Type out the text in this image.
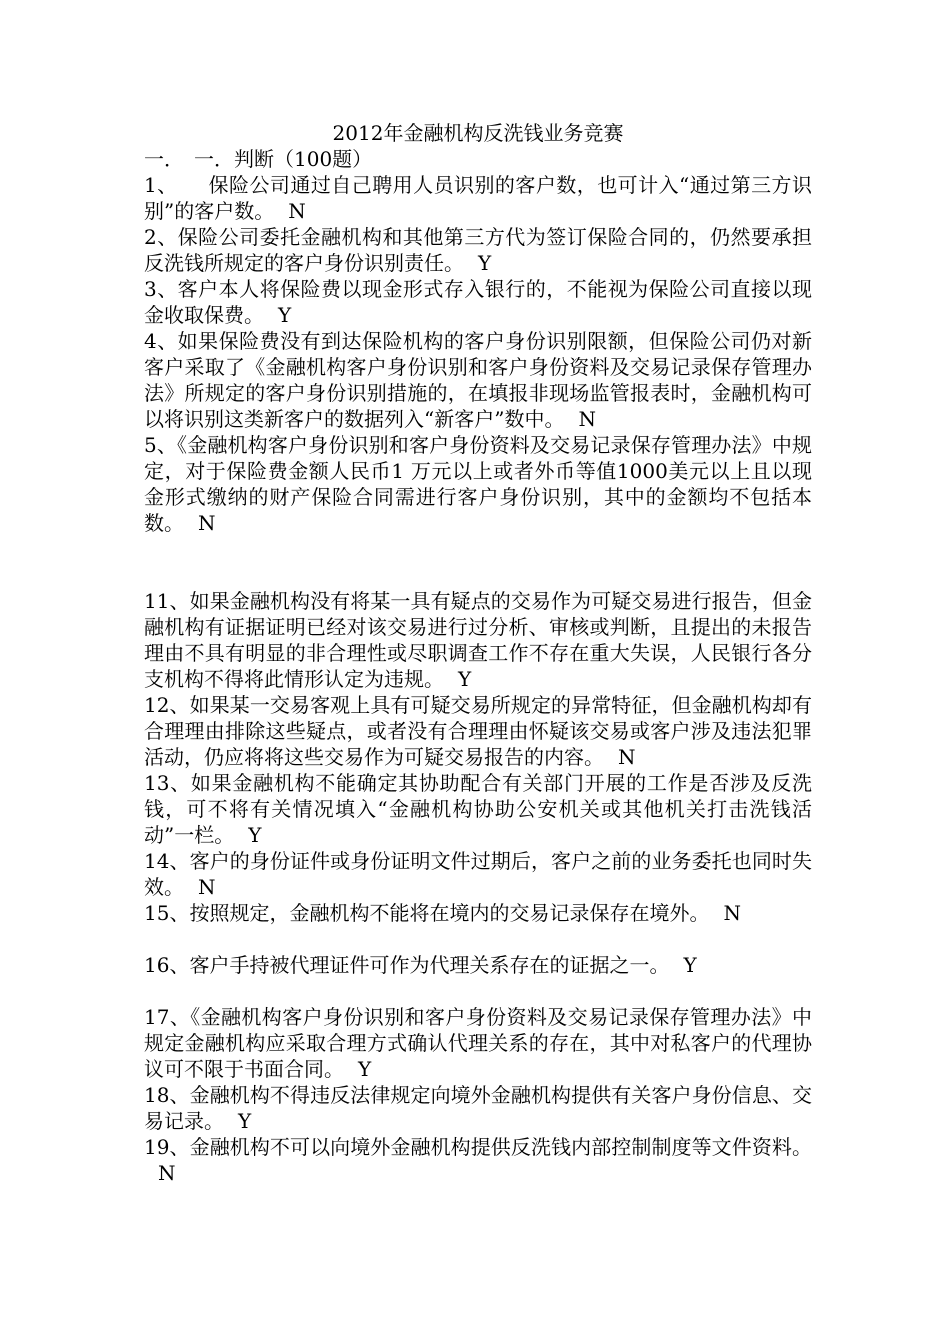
2012年金融机构反洗钱业务竞赛

一．　一．判断（100题）

1、　　保险公司通过自己聘用人员识别的客户数，也可计入“通过第三方识别”的客户数。 N

2、保险公司委托金融机构和其他第三方代为签订保险合同的，仍然要承担反洗钱所规定的客户身份识别责任。 Y

3、客户本人将保险费以现金形式存入银行的，不能视为保险公司直接以现金收取保费。 Y

4、如果保险费没有到达保险机构的客户身份识别限额，但保险公司仍对新客户采取了《金融机构客户身份识别和客户身份资料及交易记录保存管理办法》所规定的客户身份识别措施的，在填报非现场监管报表时，金融机构可以将识别这类新客户的数据列入“新客户”数中。 N

5、《金融机构客户身份识别和客户身份资料及交易记录保存管理办法》中规定，对于保险费金额人民币1 万元以上或者外币等值1000美元以上且以现金形式缴纳的财产保险合同需进行客户身份识别，其中的金额均不包括本数。 N

11、如果金融机构没有将某一具有疑点的交易作为可疑交易进行报告，但金融机构有证据证明已经对该交易进行过分析、审核或判断，且提出的未报告理由不具有明显的非合理性或尽职调查工作不存在重大失误，人民银行各分支机构不得将此情形认定为违规。 Y

12、如果某一交易客观上具有可疑交易所规定的异常特征，但金融机构却有合理理由排除这些疑点，或者没有合理理由怀疑该交易或客户涉及违法犯罪活动，仍应将将这些交易作为可疑交易报告的内容。 N

13、如果金融机构不能确定其协助配合有关部门开展的工作是否涉及反洗钱，可不将有关情况填入“金融机构协助公安机关或其他机关打击洗钱活动”一栏。 Y

14、客户的身份证件或身份证明文件过期后，客户之前的业务委托也同时失效。 N

15、按照规定，金融机构不能将在境内的交易记录保存在境外。 N

16、客户手持被代理证件可作为代理关系存在的证据之一。 Y

17、《金融机构客户身份识别和客户身份资料及交易记录保存管理办法》中规定金融机构应采取合理方式确认代理关系的存在，其中对私客户的代理协议可不限于书面合同。 Y

18、金融机构不得违反法律规定向境外金融机构提供有关客户身份信息、交易记录。 Y

19、金融机构不可以向境外金融机构提供反洗钱内部控制制度等文件资料。N
